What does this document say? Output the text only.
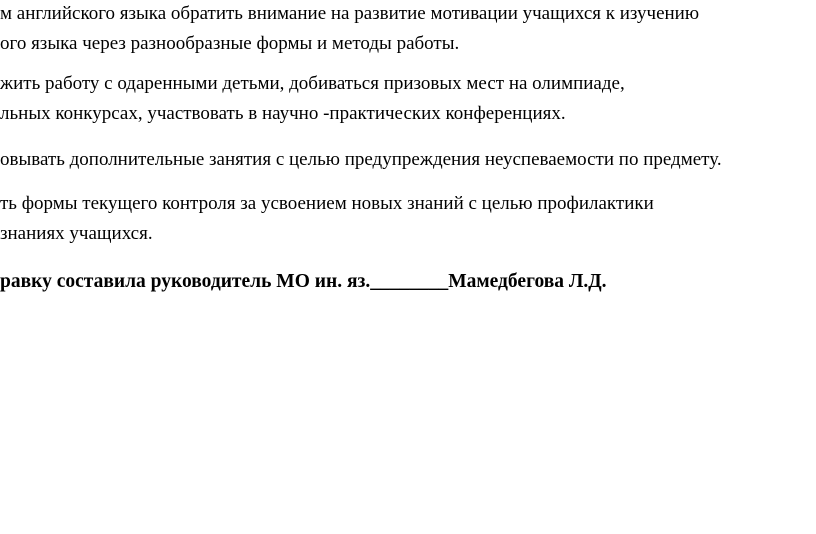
м английского языка обратить внимание на развитие мотивации учащихся к изучению
ого языка через разнообразные формы и методы работы.
жить работу с одаренными детьми, добиваться призовых мест на олимпиаде,
льных конкурсах, участвовать в научно -практических конференциях.
овывать дополнительные занятия с целью предупреждения неуспеваемости по предмету.
ть формы текущего контроля за усвоением новых знаний с целью профилактики
знаниях учащихся.
равку составила руководитель МО ин. яз.________Мамедбегова Л.Д.
